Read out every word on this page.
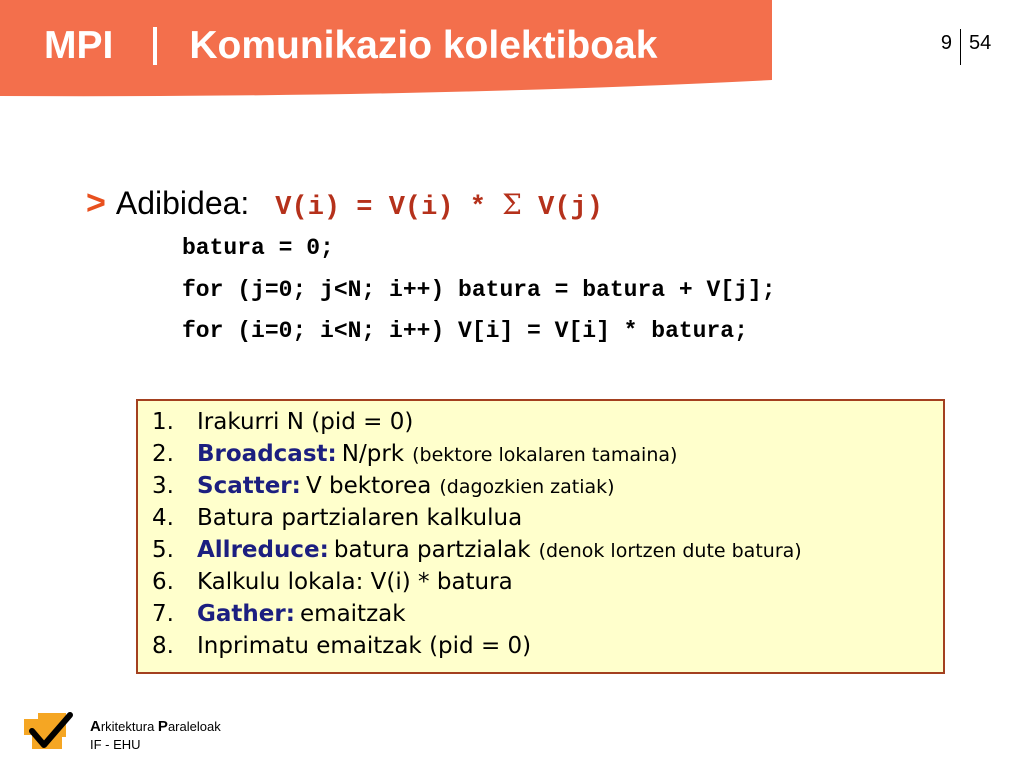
MPI Komunikazio kolektiboak	9 54
> Adibidea: V(i) = V(i) * Σ V(j)
batura = 0;
for (j=0; j<N; i++) batura = batura + V[j];
for (i=0; i<N; i++) V[i] = V[i] * batura;
1.	Irakurri N (pid = 0)
2.	Broadcast:
N/prk (bektore lokalaren tamaina)
3.	Scatter:
V bektorea (dagozkien zatiak)
4.	Batura partzialaren kalkulua
5.	Allreduce:
batura partzialak (denok lortzen dute batura)
6.	Kalkulu lokala: V(i) * batura
7.	Gather:
emaitzak
8.	Inprimatu emaitzak (pid = 0)
Arkitektura Paraleloak
IF - EHU
